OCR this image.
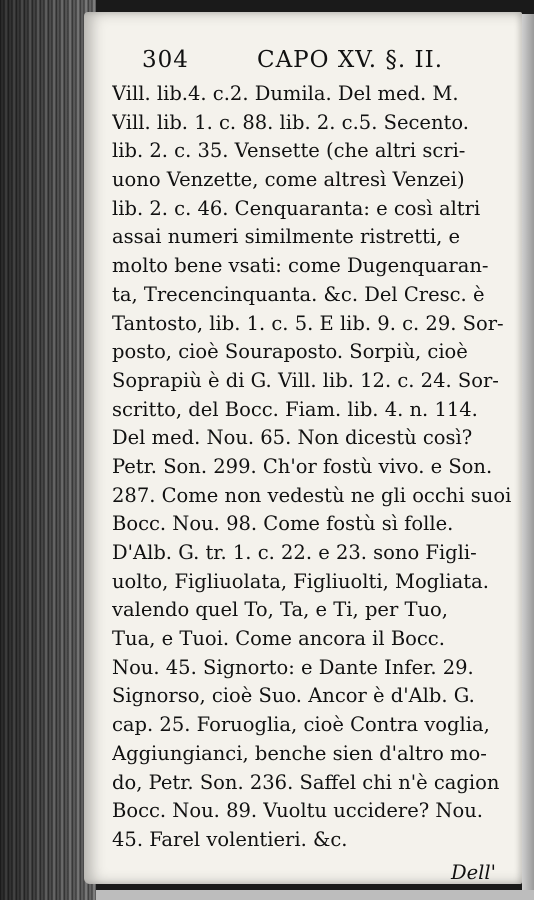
304	CAPO XV. §. II.
Vill. lib.4. c.2. Dumila. Del med. M.
Vill. lib. 1. c. 88. lib. 2. c.5. Secento.
lib. 2. c. 35. Vensette (che altri scri-
uono Venzette, come altresì Venzei)
lib. 2. c. 46. Cenquaranta: e così altri
assai numeri similmente ristretti, e
molto bene vsati: come Dugenquaran-
ta, Trecencinquanta. &c. Del Cresc. è
Tantosto, lib. 1. c. 5. E lib. 9. c. 29. Sor-
posto, cioè Souraposto. Sorpiù, cioè
Soprapiù è di G. Vill. lib. 12. c. 24. Sor-
scritto, del Bocc. Fiam. lib. 4. n. 114.
Del med. Nou. 65. Non dicestù così?
Petr. Son. 299. Ch'or fostù vivo. e Son.
287. Come non vedestù ne gli occhi suoi
Bocc. Nou. 98. Come fostù sì folle.
D'Alb. G. tr. 1. c. 22. e 23. sono Figli-
uolto, Figliuolata, Figliuolti, Mogliata.
valendo quel To, Ta, e Ti, per Tuo,
Tua, e Tuoi. Come ancora il Bocc.
Nou. 45. Signorto: e Dante Infer. 29.
Signorso, cioè Suo. Ancor è d'Alb. G.
cap. 25. Foruoglia, cioè Contra voglia,
Aggiungianci, benche sien d'altro mo-
do, Petr. Son. 236. Saffel chi n'è cagion
Bocc. Nou. 89. Vuoltu uccidere? Nou.
45. Farel volentieri. &c.
Dell'
